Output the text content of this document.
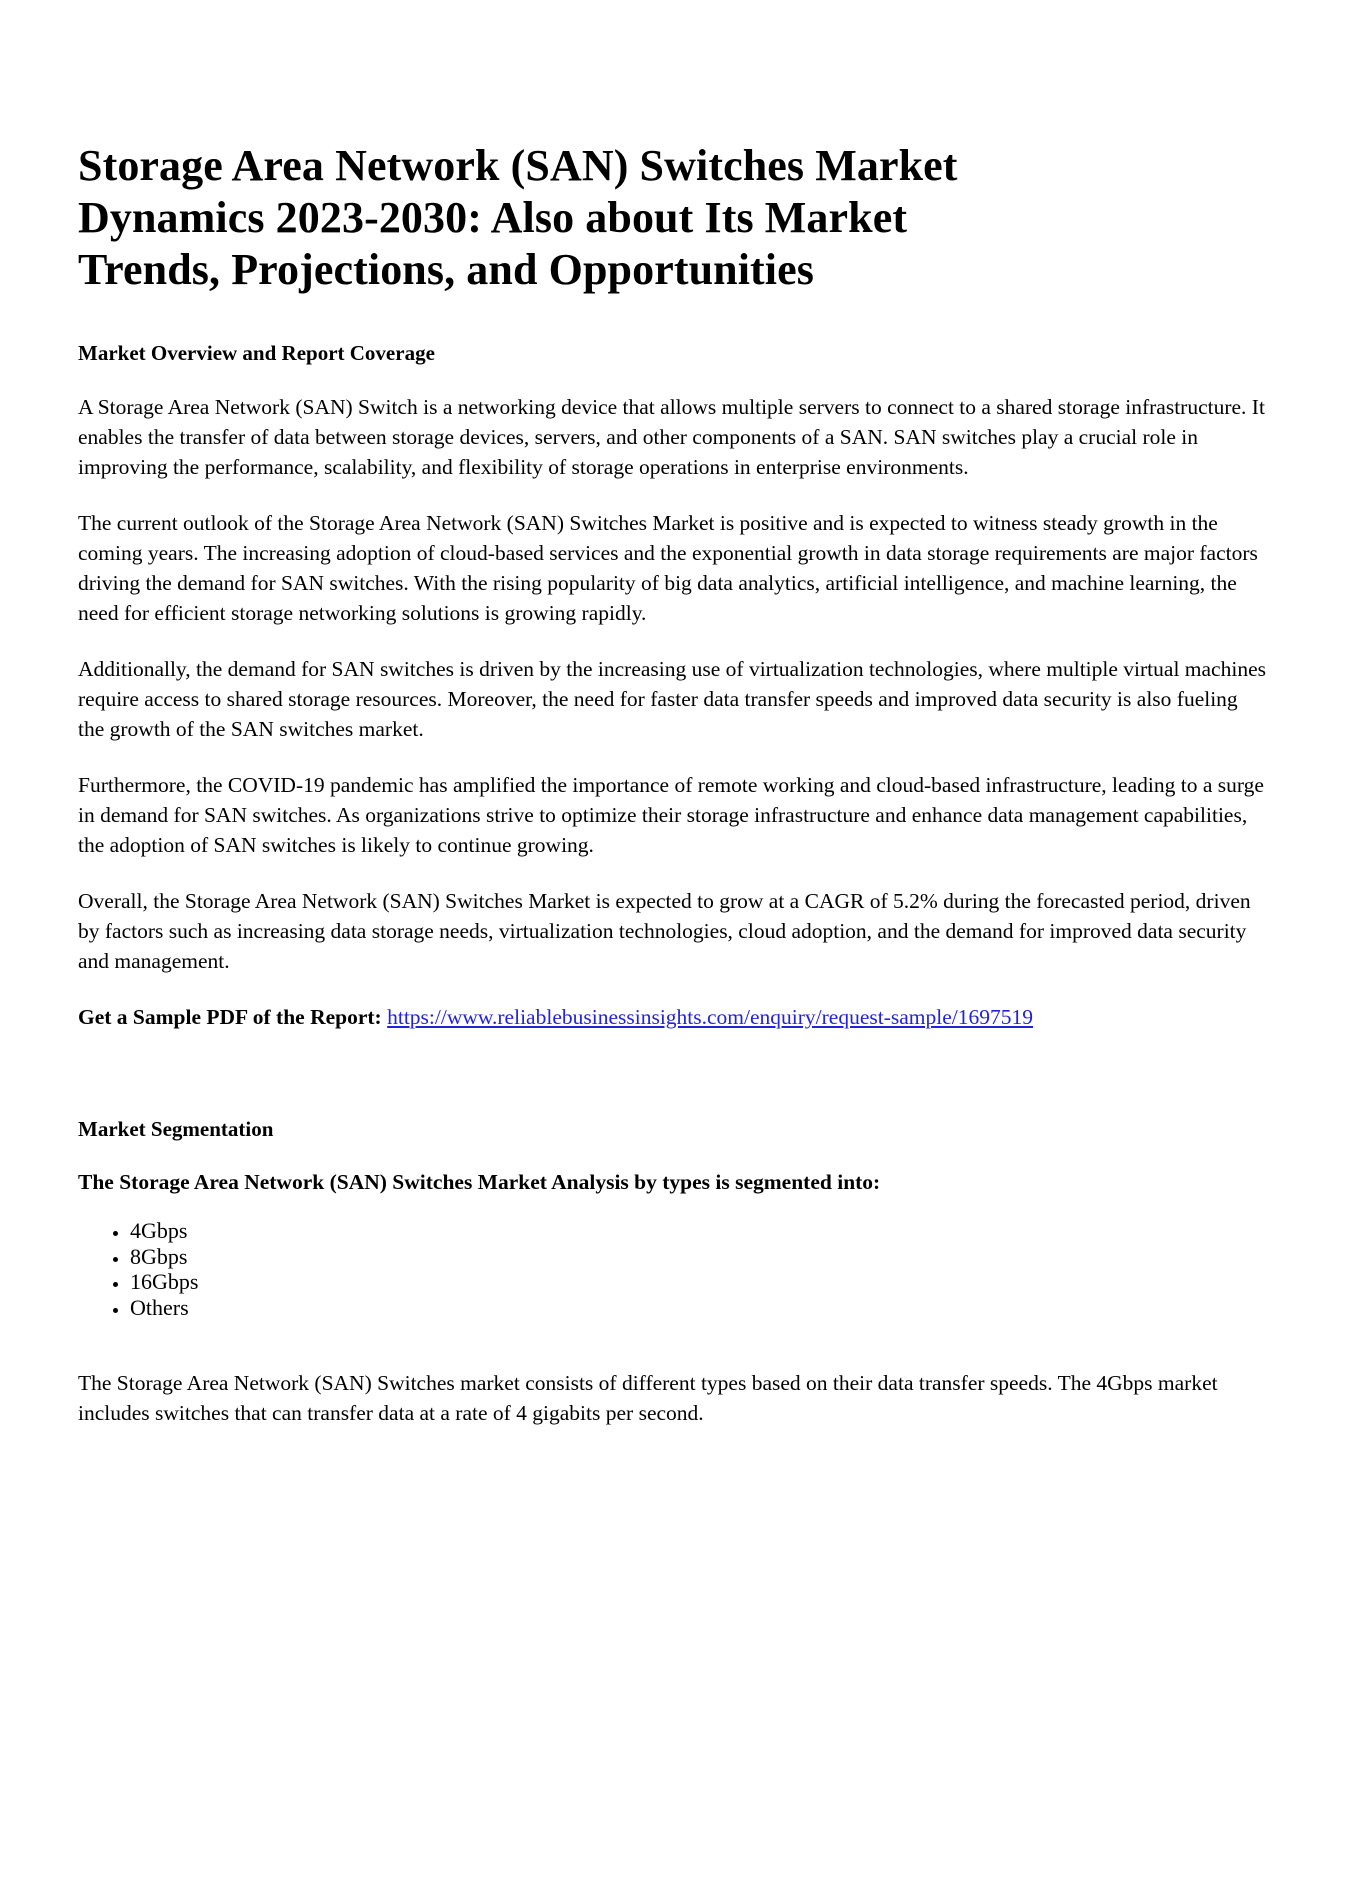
Storage Area Network (SAN) Switches Market Dynamics 2023-2030: Also about Its Market Trends, Projections, and Opportunities
Market Overview and Report Coverage

A Storage Area Network (SAN) Switch is a networking device that allows multiple servers to connect to a shared storage infrastructure. It enables the transfer of data between storage devices, servers, and other components of a SAN. SAN switches play a crucial role in improving the performance, scalability, and flexibility of storage operations in enterprise environments.

The current outlook of the Storage Area Network (SAN) Switches Market is positive and is expected to witness steady growth in the coming years. The increasing adoption of cloud-based services and the exponential growth in data storage requirements are major factors driving the demand for SAN switches. With the rising popularity of big data analytics, artificial intelligence, and machine learning, the need for efficient storage networking solutions is growing rapidly.

Additionally, the demand for SAN switches is driven by the increasing use of virtualization technologies, where multiple virtual machines require access to shared storage resources. Moreover, the need for faster data transfer speeds and improved data security is also fueling the growth of the SAN switches market.

Furthermore, the COVID-19 pandemic has amplified the importance of remote working and cloud-based infrastructure, leading to a surge in demand for SAN switches. As organizations strive to optimize their storage infrastructure and enhance data management capabilities, the adoption of SAN switches is likely to continue growing.

Overall, the Storage Area Network (SAN) Switches Market is expected to grow at a CAGR of 5.2% during the forecasted period, driven by factors such as increasing data storage needs, virtualization technologies, cloud adoption, and the demand for improved data security and management.

Get a Sample PDF of the Report: https://www.reliablebusinessinsights.com/enquiry/request-sample/1697519

Market Segmentation

The Storage Area Network (SAN) Switches Market Analysis by types is segmented into:

• 4Gbps
• 8Gbps
• 16Gbps
• Others

The Storage Area Network (SAN) Switches market consists of different types based on their data transfer speeds. The 4Gbps market includes switches that can transfer data at a rate of 4 gigabits per second.
